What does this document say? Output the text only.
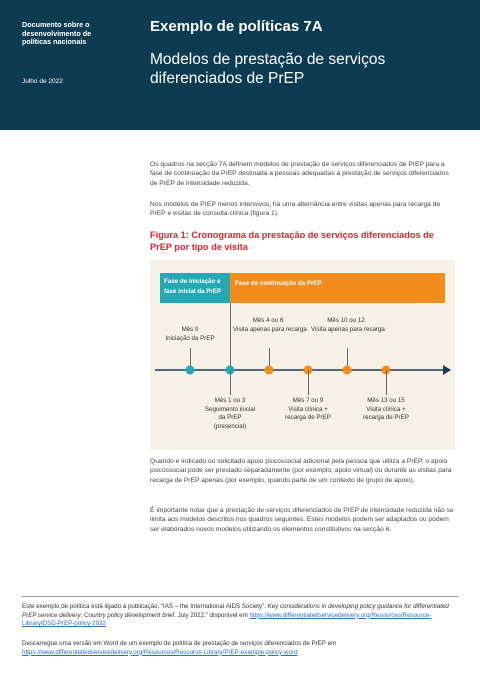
Documento sobre o desenvolvimento de políticas nacionais
Julho de 2022
Exemplo de políticas 7A
Modelos de prestação de serviços diferenciados de PrEP

Os quadros na secção 7A definem modelos de prestação de serviços diferenciados de PrEP para a fase de continuação da PrEP destinada a pessoas adequadas à prestação de serviços diferenciados de PrEP de intensidade reduzida.

Nos modelos de PrEP menos intensivos, há uma alternância entre visitas apenas para recarga de PrEP e visitas de consulta clínica (figura 1).

Figura 1: Cronograma da prestação de serviços diferenciados de PrEP por tipo de visita

Fase de iniciação e fase inicial da PrEP
Fase de continuação da PrEP
Mês 0
Iniciação da PrEP
Mês 4 ou 6
Visita apenas para recarga
Mês 10 ou 12
Visita apenas para recarga
Mês 1 ou 3
Seguimento inicial da PrEP (presencial)
Mês 7 ou 9
Visita clínica + recarga de PrEP
Mês 13 ou 15
Visita clínica + recarga de PrEP

Quando é indicado ou solicitado apoio psicossocial adicional pela pessoa que utiliza a PrEP, o apoio psicossocial pode ser prestado separadamente (por exemplo, apoio virtual) ou durante as visitas para recarga de PrEP apenas (por exemplo, quando parte de um contexto de grupo de apoio).

É importante notar que a prestação de serviços diferenciados de PrEP de intensidade reduzida não se limita aos modelos descritos nos quadros seguintes. Estes modelos podem ser adaptados ou podem ser elaborados novos modelos utilizando os elementos constitutivos na secção 6.

Este exemplo de política está ligado à publicação, “IAS – the International AIDS Society”. Key considerations in developing policy guidance for differentiated PrEP service delivery: Country policy development brief. July 2022.” disponível em https://www.differentiatedservicedelivery.org/Resources/Resource-Library/DSD-PrEP-policy-2022

Descarregue uma versão em Word de um exemplo de política de prestação de serviços diferenciados de PrEP em https://www.differentiatedservicedelivery.org/Resources/Resource-Library/PrEP-example-policy-word
